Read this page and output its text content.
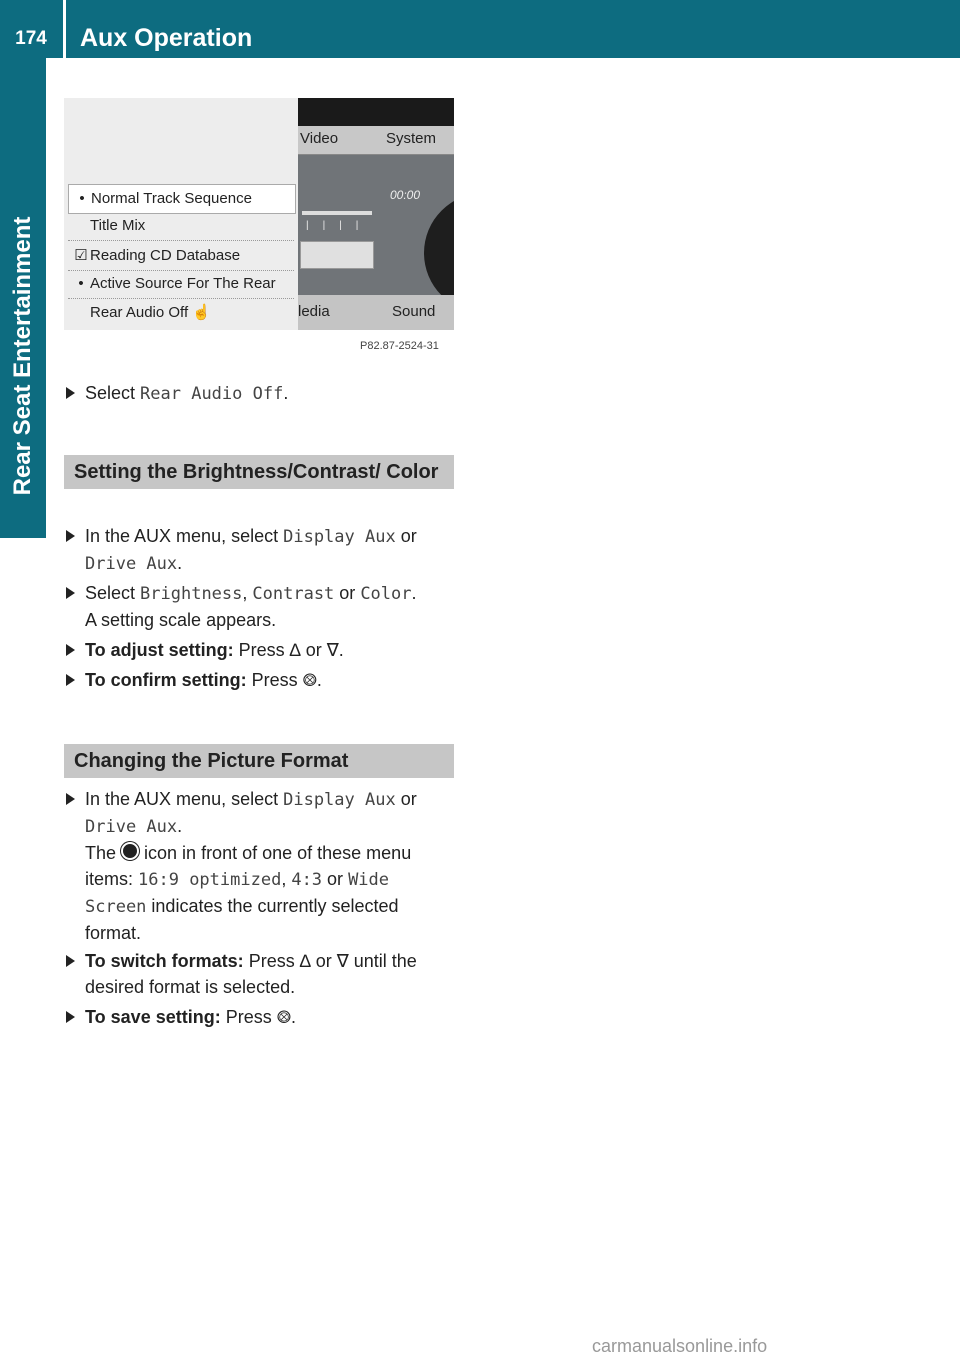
174	Aux Operation
Rear Seat Entertainment
Video	System
00:00
||||
ledia	Sound
• Normal Track Sequence
Title Mix
☑ Reading CD Database
• Active Source For The Rear
Rear Audio Off ☝
P82.87-2524-31
Select Rear Audio Off.
Setting the Brightness/Contrast/ Color
In the AUX menu, select Display Aux or
Drive Aux.
Select Brightness, Contrast or Color.
A setting scale appears.
To adjust setting: Press ∆ or ∇.
To confirm setting: Press ⨷.
Changing the Picture Format
In the AUX menu, select Display Aux or
Drive Aux.
The  icon in front of one of these menu items: 16:9 optimized, 4:3 or Wide Screen indicates the currently selected format.
To switch formats: Press ∆ or ∇ until the desired format is selected.
To save setting: Press ⨷.
carmanualsonline.info
